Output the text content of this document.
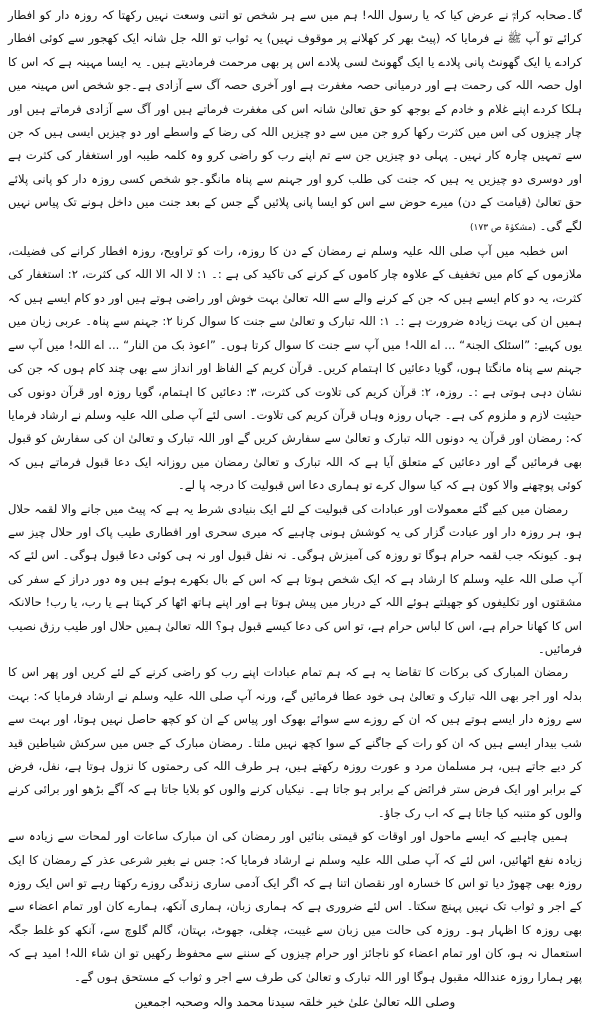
گا۔صحابہ کرامؓ نے عرض کیا کہ یا رسول اللہ! ہم میں سے ہر شخص تو اتنی وسعت نہیں رکھتا کہ روزہ دار کو افطار کرائے تو آپ ﷺ نے فرمایا کہ (پیٹ بھر کر کھلانے پر موقوف نہیں) یہ ثواب تو اللہ جل شانہ ایک کھجور سے کوئی افطار کرادے یا ایک گھونٹ پانی پلادے یا ایک گھونٹ لسی پلادے اس پر بھی مرحمت فرمادیتے ہیں۔ یہ ایسا مہینہ ہے کہ اس کا اول حصہ اللہ کی رحمت ہے اور درمیانی حصہ مغفرت ہے اور آخری حصہ آگ سے آزادی ہے۔جو شخص اس مہینہ میں ہلکا کردے اپنے غلام و خادم کے بوجھ کو حق تعالیٰ شانہ اس کی مغفرت فرماتے ہیں اور آگ سے آزادی فرماتے ہیں اور چار چیزوں کی اس میں کثرت رکھا کرو جن میں سے دو چیزیں اللہ کی رضا کے واسطے اور دو چیزیں ایسی ہیں کہ جن سے تمہیں چارہ کار نہیں۔ پہلی دو چیزیں جن سے تم اپنے رب کو راضی کرو وہ کلمہ طیبہ اور استغفار کی کثرت ہے اور دوسری دو چیزیں یہ ہیں کہ جنت کی طلب کرو اور جہنم سے پناہ مانگو۔جو شخص کسی روزہ دار کو پانی پلائے حق تعالیٰ (قیامت کے دن) میرے حوض سے اس کو ایسا پانی پلائیں گے جس کے بعد جنت میں داخل ہونے تک پیاس نہیں لگے گی۔ (مشکوٰۃ ص ۱۷۳)

اس خطبہ میں آپ صلی اللہ علیہ وسلم نے رمضان کے دن کا روزہ، رات کو تراویح، روزہ افطار کرانے کی فضیلت، ملازموں کے کام میں تخفیف کے علاوہ چار کاموں کے کرنے کی تاکید کی ہے :۔ ۱: لا الہ الا اللہ کی کثرت، ۲: استغفار کی کثرت، یہ دو کام ایسے ہیں کہ جن کے کرنے والے سے اللہ تعالیٰ بہت خوش اور راضی ہوتے ہیں اور دو کام ایسے ہیں کہ ہمیں ان کی بہت زیادہ ضرورت ہے :۔ ۱: اللہ تبارک و تعالیٰ سے جنت کا سوال کرنا ۲: جہنم سے پناہ۔ عربی زبان میں یوں کہیے: ”اسئلک الجنۃ“ ... اے اللہ! میں آپ سے جنت کا سوال کرتا ہوں۔ ”اعوذ بک من النار“ ... اے اللہ! میں آپ سے جہنم سے پناہ مانگتا ہوں، گویا دعائیں کا اہتمام کریں۔ قرآن کریم کے الفاظ اور انداز سے بھی چند کام ہوں کہ جن کی نشان دہی ہوتی ہے :۔ روزہ، ۲: قرآن کریم کی تلاوت کی کثرت، ۳: دعائیں کا اہتمام، گویا روزہ اور قرآن دونوں کی حیثیت لازم و ملزوم کی ہے۔ جہاں روزہ وہاں قرآن کریم کی تلاوت۔ اسی لئے آپ صلی اللہ علیہ وسلم نے ارشاد فرمایا کہ: رمضان اور قرآن یہ دونوں اللہ تبارک و تعالیٰ سے سفارش کریں گے اور اللہ تبارک و تعالیٰ ان کی سفارش کو قبول بھی فرمائیں گے اور دعائیں کے متعلق آیا ہے کہ اللہ تبارک و تعالیٰ رمضان میں روزانہ ایک دعا قبول فرماتے ہیں کہ کوئی پوچھنے والا کون ہے کہ کیا سوال کرے تو ہماری دعا اس قبولیت کا درجہ پا لے۔

رمضان میں کیے گئے معمولات اور عبادات کی قبولیت کے لئے ایک بنیادی شرط یہ ہے کہ پیٹ میں جانے والا لقمہ حلال ہو، ہر روزہ دار اور عبادت گزار کی یہ کوشش ہونی چاہیے کہ میری سحری اور افطاری طیب پاک اور حلال چیز سے ہو۔ کیونکہ جب لقمہ حرام ہوگا تو روزہ کی آمیزش ہوگی۔ نہ نفل قبول اور نہ ہی کوئی دعا قبول ہوگی۔ اس لئے کہ آپ صلی اللہ علیہ وسلم کا ارشاد ہے کہ ایک شخص ہوتا ہے کہ اس کے بال بکھرے ہوئے ہیں وہ دور دراز کے سفر کی مشقتوں اور تکلیفوں کو جھیلتے ہوئے اللہ کے دربار میں پیش ہوتا ہے اور اپنے ہاتھ اٹھا کر کہتا ہے یا رب، یا رب! حالانکہ اس کا کھانا حرام ہے، اس کا لباس حرام ہے، تو اس کی دعا کیسے قبول ہو؟ اللہ تعالیٰ ہمیں حلال اور طیب رزق نصیب فرمائیں۔

رمضان المبارک کی برکات کا تقاضا یہ ہے کہ ہم تمام عبادات اپنے رب کو راضی کرنے کے لئے کریں اور پھر اس کا بدلہ اور اجر بھی اللہ تبارک و تعالیٰ ہی خود عطا فرمائیں گے، ورنہ آپ صلی اللہ علیہ وسلم نے ارشاد فرمایا کہ: بہت سے روزہ دار ایسے ہوتے ہیں کہ ان کے روزے سے سوائے بھوک اور پیاس کے ان کو کچھ حاصل نہیں ہوتا، اور بہت سے شب بیدار ایسے ہیں کہ ان کو رات کے جاگنے کے سوا کچھ نہیں ملتا۔ رمضان مبارک کے جس میں سرکش شیاطین قید کر دیے جاتے ہیں، ہر مسلمان مرد و عورت روزہ رکھتے ہیں، ہر طرف اللہ کی رحمتوں کا نزول ہوتا ہے، نفل، فرض کے برابر اور ایک فرض ستر فرائض کے برابر ہو جاتا ہے۔ نیکیاں کرنے والوں کو بلایا جاتا ہے کہ آگے بڑھو اور برائی کرنے والوں کو متنبہ کیا جاتا ہے کہ اب رک جاؤ۔

ہمیں چاہیے کہ ایسے ماحول اور اوقات کو قیمتی بنائیں اور رمضان کی ان مبارک ساعات اور لمحات سے زیادہ سے زیادہ نفع اٹھائیں، اس لئے کہ آپ صلی اللہ علیہ وسلم نے ارشاد فرمایا کہ: جس نے بغیر شرعی عذر کے رمضان کا ایک روزہ بھی چھوڑ دیا تو اس کا خسارہ اور نقصان اتنا ہے کہ اگر ایک آدمی ساری زندگی روزے رکھتا رہے تو اس ایک روزہ کے اجر و ثواب تک نہیں پہنچ سکتا۔ اس لئے ضروری ہے کہ ہماری زبان، ہماری آنکھ، ہمارے کان اور تمام اعضاء سے بھی روزہ کا اظہار ہو۔ روزہ کی حالت میں زبان سے غیبت، چغلی، جھوٹ، بہتان، گالم گلوچ سے، آنکھ کو غلط جگہ استعمال نہ ہو، کان اور تمام اعضاء کو ناجائز اور حرام چیزوں کے سننے سے محفوظ رکھیں تو ان شاء اللہ! امید ہے کہ پھر ہمارا روزہ عنداللہ مقبول ہوگا اور اللہ تبارک و تعالیٰ کی طرف سے اجر و ثواب کے مستحق ہوں گے۔

وصلی اللہ تعالیٰ علیٰ خیر خلقہ سیدنا محمد والہ وصحبہ اجمعین
